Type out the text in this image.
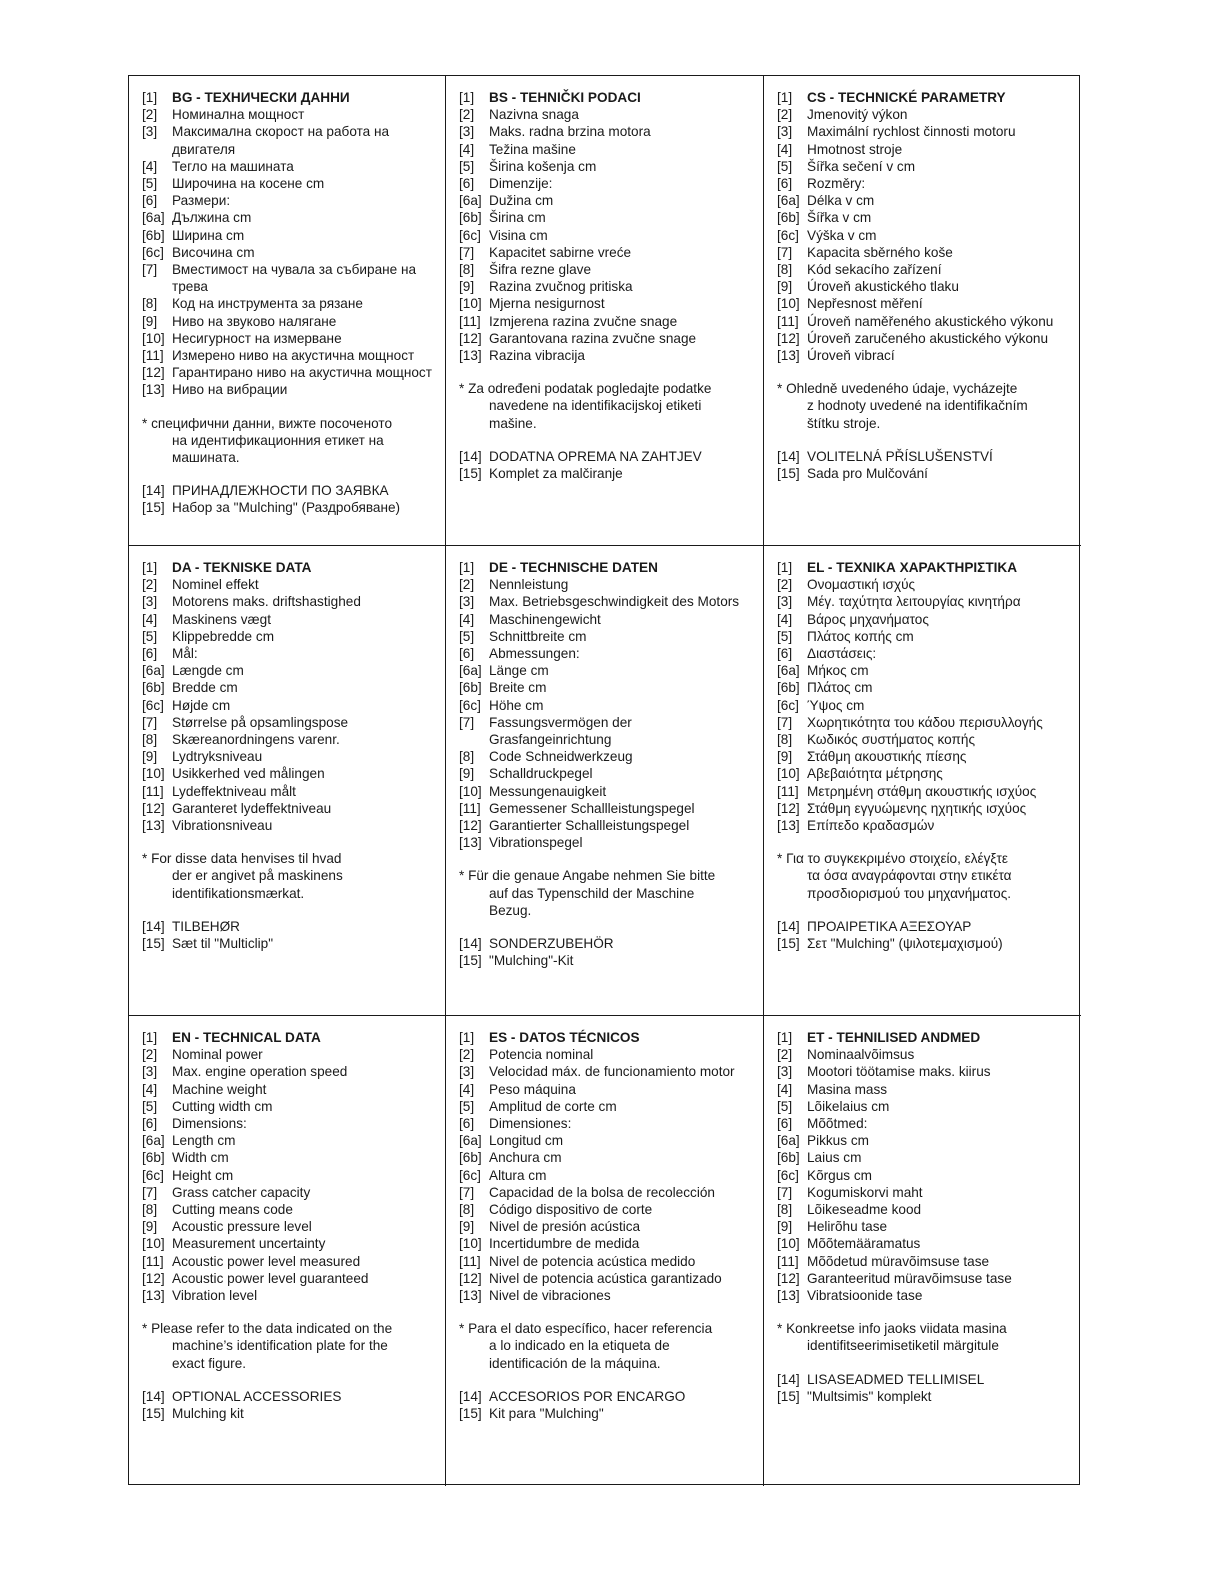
[1]	BG - ТЕХНИЧЕСКИ ДАННИ
[2]	Номинална мощност
[3]	Максимална скорост на работа на двигателя
[4]	Тегло на машината
[5]	Широчина на косене cm
[6]	Размери:
[6a] Дължина cm
[6b] Ширина cm
[6c] Височина cm
[7]	Вместимост на чувала за събиране на трева
[8]	Код на инструмента за рязане
[9]	Ниво на звуково налягане
[10] Несигурност на измерване
[11] Измерено ниво на акустична мощност
[12] Гарантирано ниво на акустична мощност
[13] Ниво на вибрации
* специфични данни, вижте посоченото
на идентификационния етикет на
машината.
[14] ПРИНАДЛЕЖНОСТИ ПО ЗАЯВКА
[15] Набор за "Mulching" (Раздробяване)
[1]	BS - TEHNIČKI PODACI
[2]	Nazivna snaga
[3]	Maks. radna brzina motora
[4]	Težina mašine
[5]	Širina košenja cm
[6]	Dimenzije:
[6a] Dužina cm
[6b] Širina cm
[6c] Visina cm
[7]	Kapacitet sabirne vreće
[8]	Šifra rezne glave
[9]	Razina zvučnog pritiska
[10] Mjerna nesigurnost
[11] Izmjerena razina zvučne snage
[12] Garantovana razina zvučne snage
[13] Razina vibracija
* Za određeni podatak pogledajte podatke
navedene na identifikacijskoj etiketi
mašine.
[14] DODATNA OPREMA NA ZAHTJEV
[15] Komplet za malčiranje
[1]	CS - TECHNICKÉ PARAMETRY
[2]	Jmenovitý výkon
[3]	Maximální rychlost činnosti motoru
[4]	Hmotnost stroje
[5]	Šířka sečení v cm
[6]	Rozměry:
[6a] Délka v cm
[6b] Šířka v cm
[6c] Výška v cm
[7]	Kapacita sběrného koše
[8]	Kód sekacího zařízení
[9]	Úroveň akustického tlaku
[10] Nepřesnost měření
[11] Úroveň naměřeného akustického výkonu
[12] Úroveň zaručeného akustického výkonu
[13] Úroveň vibrací
* Ohledně uvedeného údaje, vycházejte
z hodnoty uvedené na identifikačním
štítku stroje.
[14] VOLITELNÁ PŘÍSLUŠENSTVÍ
[15] Sada pro Mulčování
[1]	DA - TEKNISKE DATA
[2]	Nominel effekt
[3]	Motorens maks. driftshastighed
[4]	Maskinens vægt
[5]	Klippebredde cm
[6]	Mål:
[6a] Længde cm
[6b] Bredde cm
[6c] Højde cm
[7]	Størrelse på opsamlingspose
[8]	Skæreanordningens varenr.
[9]	Lydtryksniveau
[10] Usikkerhed ved målingen
[11] Lydeffektniveau målt
[12] Garanteret lydeffektniveau
[13] Vibrationsniveau
* For disse data henvises til hvad
der er angivet på maskinens
identifikationsmærkat.
[14] TILBEHØR
[15] Sæt til "Multiclip"
[1]	DE - TECHNISCHE DATEN
[2]	Nennleistung
[3]	Max. Betriebsgeschwindigkeit des Motors
[4]	Maschinengewicht
[5]	Schnittbreite cm
[6]	Abmessungen:
[6a] Länge cm
[6b] Breite cm
[6c] Höhe cm
[7]	Fassungsvermögen der Grasfangeinrichtung
[8]	Code Schneidwerkzeug
[9]	Schalldruckpegel
[10] Messungenauigkeit
[11] Gemessener Schallleistungspegel
[12] Garantierter Schallleistungspegel
[13] Vibrationspegel
* Für die genaue Angabe nehmen Sie bitte
auf das Typenschild der Maschine
Bezug.
[14] SONDERZUBEHÖR
[15] "Mulching"-Kit
[1]	EL - ΤΕΧΝΙΚΑ ΧΑΡΑΚΤΗΡΙΣΤΙΚΑ
[2]	Ονομαστική ισχύς
[3]	Μέγ. ταχύτητα λειτουργίας κινητήρα
[4]	Βάρος μηχανήματος
[5]	Πλάτος κοπής cm
[6]	Διαστάσεις:
[6a] Μήκος cm
[6b] Πλάτος cm
[6c] Ύψος cm
[7]	Χωρητικότητα του κάδου περισυλλογής
[8]	Κωδικός συστήματος κοπής
[9]	Στάθμη ακουστικής πίεσης
[10] Αβεβαιότητα μέτρησης
[11] Μετρημένη στάθμη ακουστικής ισχύος
[12] Στάθμη εγγυώμενης ηχητικής ισχύος
[13] Επίπεδο κραδασμών
* Για το συγκεκριμένο στοιχείο, ελέγξτε
τα όσα αναγράφονται στην ετικέτα
προσδιορισμού του μηχανήματος.
[14] ΠΡΟΑΙΡΕΤΙΚΑ ΑΞΕΣΟΥΑΡ
[15] Σετ "Mulching" (ψιλοτεμαχισμού)
[1]	EN - TECHNICAL DATA
[2]	Nominal power
[3]	Max. engine operation speed
[4]	Machine weight
[5]	Cutting width cm
[6]	Dimensions:
[6a] Length cm
[6b] Width cm
[6c] Height cm
[7]	Grass catcher capacity
[8]	Cutting means code
[9]	Acoustic pressure level
[10] Measurement uncertainty
[11] Acoustic power level measured
[12] Acoustic power level guaranteed
[13] Vibration level
* Please refer to the data indicated on the
machine’s identification plate for the
exact figure.
[14] OPTIONAL ACCESSORIES
[15] Mulching kit
[1]	ES - DATOS TÉCNICOS
[2]	Potencia nominal
[3]	Velocidad máx. de funcionamiento motor
[4]	Peso máquina
[5]	Amplitud de corte cm
[6]	Dimensiones:
[6a] Longitud cm
[6b] Anchura cm
[6c] Altura cm
[7]	Capacidad de la bolsa de recolección
[8]	Código dispositivo de corte
[9]	Nivel de presión acústica
[10] Incertidumbre de medida
[11] Nivel de potencia acústica medido
[12] Nivel de potencia acústica garantizado
[13] Nivel de vibraciones
* Para el dato específico, hacer referencia
a lo indicado en la etiqueta de
identificación de la máquina.
[14] ACCESORIOS POR ENCARGO
[15] Kit para "Mulching"
[1]	ET - TEHNILISED ANDMED
[2]	Nominaalvõimsus
[3]	Mootori töötamise maks. kiirus
[4]	Masina mass
[5]	Lõikelaius cm
[6]	Mõõtmed:
[6a] Pikkus cm
[6b] Laius cm
[6c] Kõrgus cm
[7]	Kogumiskorvi maht
[8]	Lõikeseadme kood
[9]	Helirõhu tase
[10] Mõõtemääramatus
[11] Mõõdetud müravõimsuse tase
[12] Garanteeritud müravõimsuse tase
[13] Vibratsioonide tase
* Konkreetse info jaoks viidata masina
identifitseerimisetiketil märgitule
[14] LISASEADMED TELLIMISEL
[15] "Multsimis" komplekt
